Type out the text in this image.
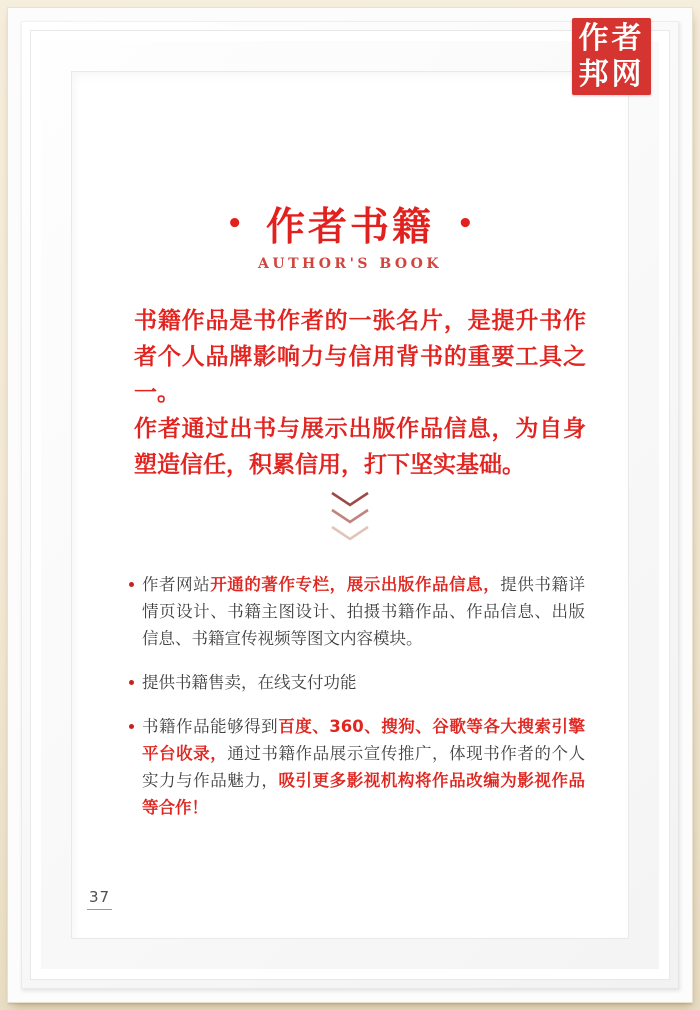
• 作者书籍 •
AUTHOR'S BOOK

书籍作品是书作者的一张名片，是提升书作者个人品牌影响力与信用背书的重要工具之一。

作者通过出书与展示出版作品信息，为自身塑造信任，积累信用，打下坚实基础。

作者网站开通的著作专栏，展示出版作品信息，提供书籍详情页设计、书籍主图设计、拍摄书籍作品、作品信息、出版信息、书籍宣传视频等图文内容模块。
提供书籍售卖，在线支付功能
书籍作品能够得到百度、360、搜狗、谷歌等各大搜索引擎平台收录，通过书籍作品展示宣传推广，体现书作者的个人实力与作品魅力，吸引更多影视机构将作品改编为影视作品等合作！
37
作者
邦网
